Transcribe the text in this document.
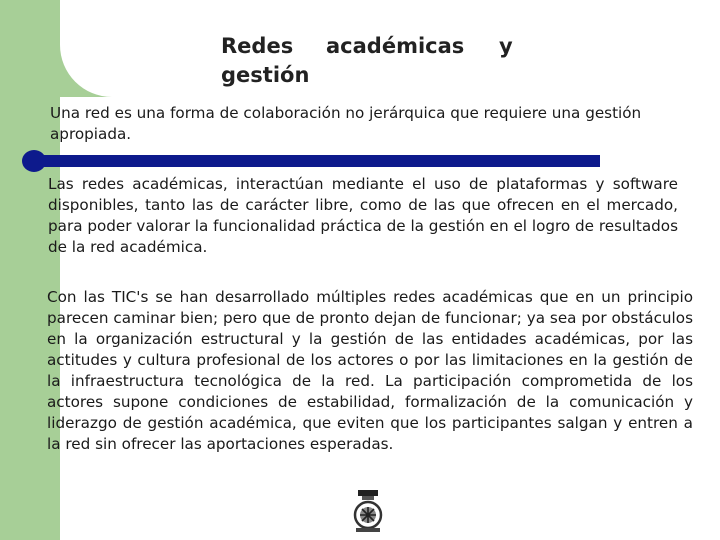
Redes académicas y
gestión

Una red es una forma de colaboración no jerárquica que requiere una gestión apropiada.

Las redes académicas, interactúan mediante el uso de plataformas y software disponibles, tanto las de carácter libre, como de las que ofrecen en el mercado, para poder valorar la funcionalidad práctica de la gestión en el logro de resultados de la red académica.

Con las TIC's se han desarrollado múltiples redes académicas que en un principio parecen caminar bien; pero que de pronto dejan de funcionar; ya sea por obstáculos en la organización estructural y la gestión de las entidades académicas, por las actitudes y cultura profesional de los actores o por las limitaciones en la gestión de la infraestructura tecnológica de la red. La participación comprometida de los actores supone condiciones de estabilidad, formalización de la comunicación y liderazgo de gestión académica, que eviten que los participantes salgan y entren a la red sin ofrecer las aportaciones esperadas.
